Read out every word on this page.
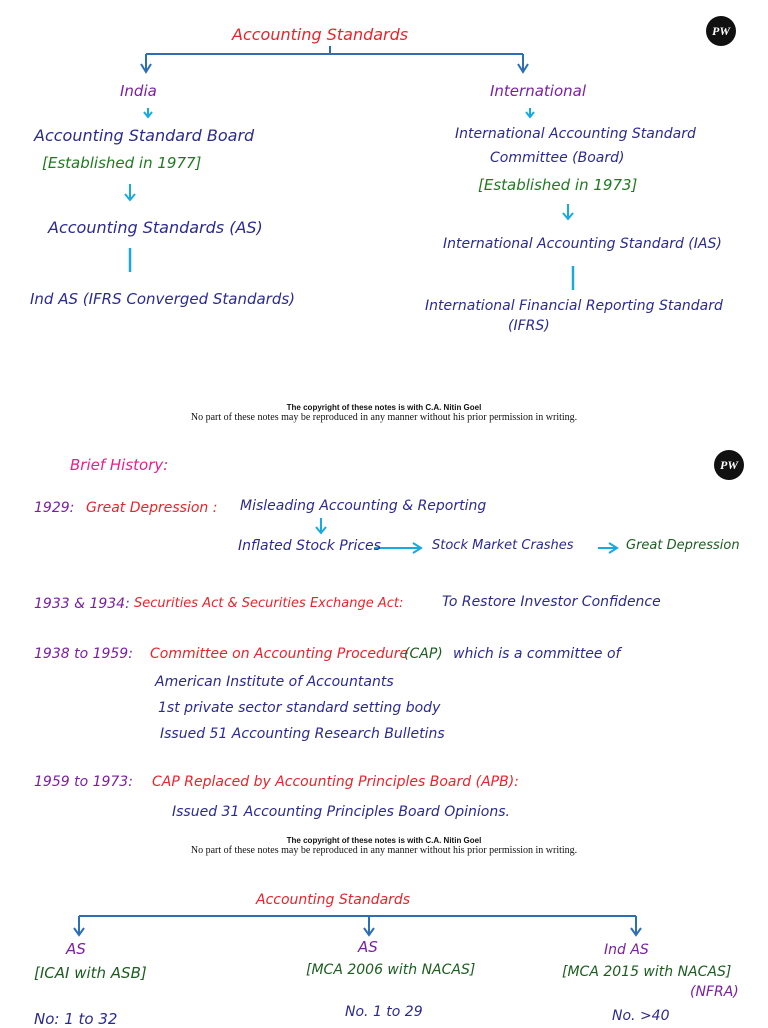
PW
Accounting Standards
India	International
Accounting Standard Board
[Established in 1977]
Accounting Standards (AS)
Ind AS (IFRS Converged Standards)
International Accounting Standard
Committee (Board)
[Established in 1973]
International Accounting Standard (IAS)
International Financial Reporting Standard
(IFRS)
The copyright of these notes is with C.A. Nitin Goel
No part of these notes may be reproduced in any manner without his prior permission in writing.
PW
Brief History:
1929: Great Depression : Misleading Accounting & Reporting
Inflated Stock Prices	Stock Market Crashes	Great Depression
1933 & 1934: Securities Act & Securities Exchange Act:	To Restore Investor Confidence
1938 to 1959: Committee on Accounting Procedure
(CAP) which is a committee of
American Institute of Accountants
1st private sector standard setting body
Issued 51 Accounting Research Bulletins
1959 to 1973: CAP Replaced by Accounting Principles Board (APB):
Issued 31 Accounting Principles Board Opinions.
The copyright of these notes is with C.A. Nitin Goel
No part of these notes may be reproduced in any manner without his prior permission in writing.
Accounting Standards
AS
[ICAI with ASB]
No: 1 to 32
AS
[MCA 2006 with NACAS]
No. 1 to 29
Ind AS
[MCA 2015 with NACAS]
(NFRA)
No. >40
